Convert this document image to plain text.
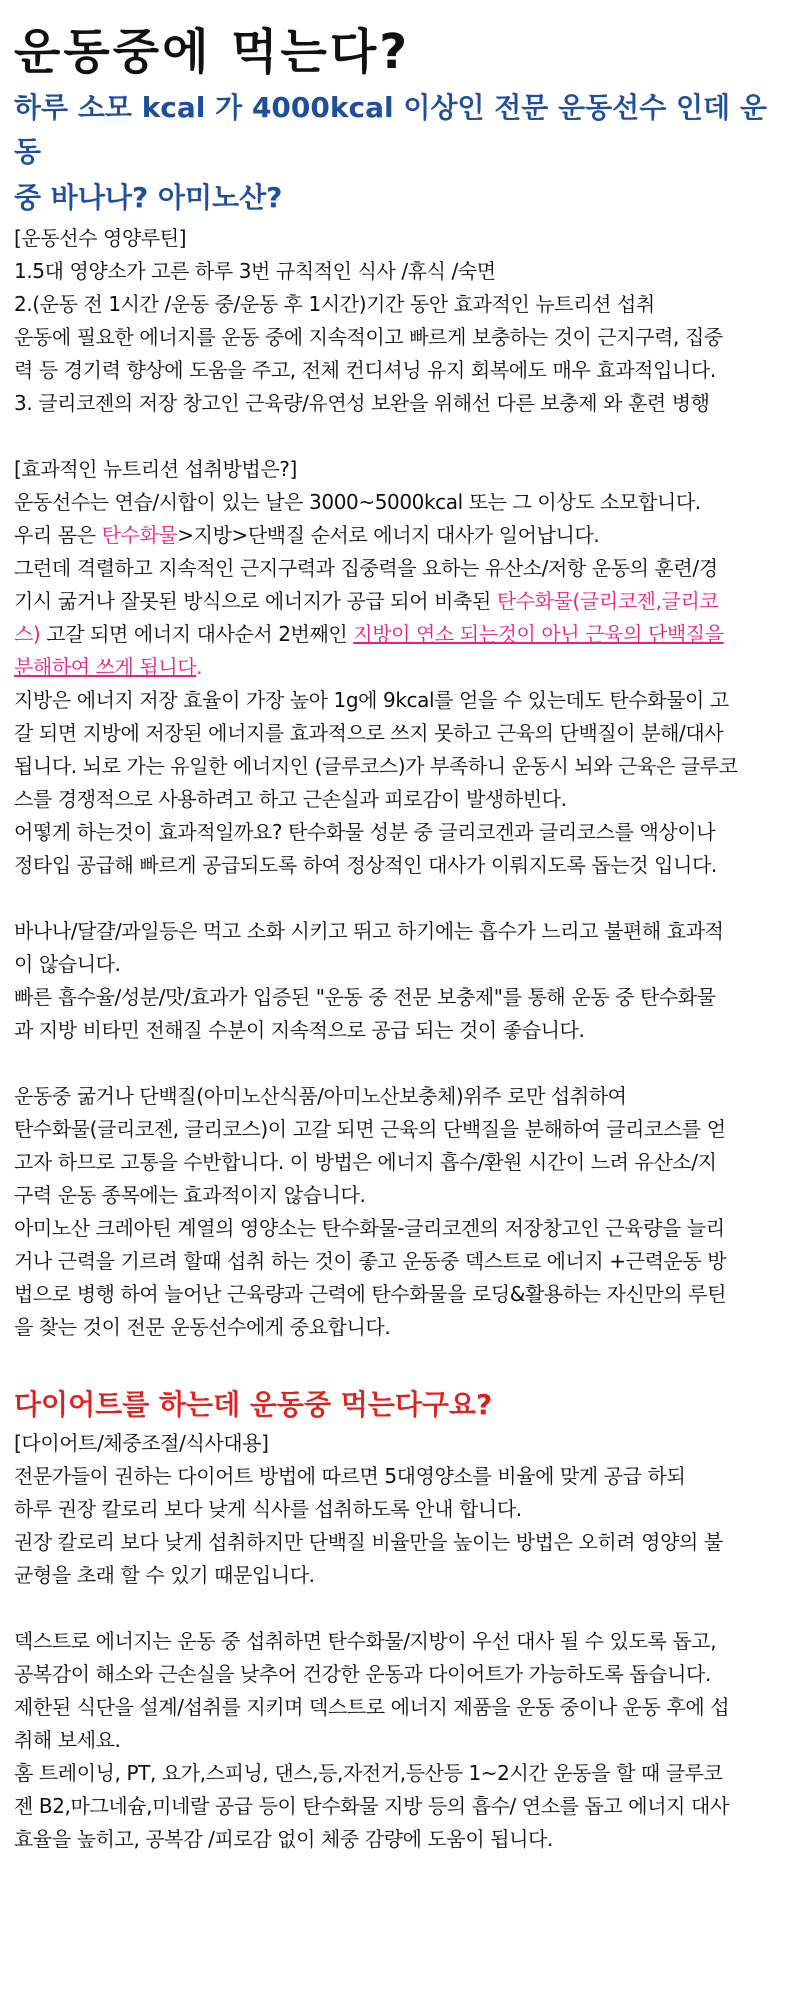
운동중에 먹는다?
하루 소모 kcal 가 4000kcal 이상인 전문 운동선수 인데 운동
중 바나나? 아미노산?
[운동선수 영양루틴]
1.5대 영양소가 고른 하루 3번 규칙적인 식사 /휴식 /숙면
2.(운동 전 1시간 /운동 중/운동 후 1시간)기간 동안 효과적인 뉴트리션 섭취
운동에 필요한 에너지를 운동 중에 지속적이고 빠르게 보충하는 것이 근지구력, 집중
력 등 경기력 향상에 도움을 주고, 전체 컨디셔닝 유지 회복에도 매우 효과적입니다.
3. 글리코젠의 저장 창고인 근육량/유연성 보완을 위해선 다른 보충제 와 훈련 병행
[효과적인 뉴트리션 섭취방법은?]
운동선수는 연습/시합이 있는 날은 3000~5000kcal 또는 그 이상도 소모합니다.
우리 몸은 탄수화물>지방>단백질 순서로 에너지 대사가 일어납니다.
그런데 격렬하고 지속적인 근지구력과 집중력을 요하는 유산소/저항 운동의 훈련/경
기시 굶거나 잘못된 방식으로 에너지가 공급 되어 비축된 탄수화물(글리코젠,글리코
스) 고갈 되면 에너지 대사순서 2번째인 지방이 연소 되는것이 아닌 근육의 단백질을
분해하여 쓰게 됩니다.
지방은 에너지 저장 효율이 가장 높아 1g에 9kcal를 얻을 수 있는데도 탄수화물이 고
갈 되면 지방에 저장된 에너지를 효과적으로 쓰지 못하고 근육의 단백질이 분해/대사
됩니다. 뇌로 가는 유일한 에너지인 (글루코스)가 부족하니 운동시 뇌와 근육은 글루코
스를 경쟁적으로 사용하려고 하고 근손실과 피로감이 발생하빈다.
어떻게 하는것이 효과적일까요? 탄수화물 성분 중 글리코겐과 글리코스를 액상이나
정타입 공급해 빠르게 공급되도록 하여 정상적인 대사가 이뤄지도록 돕는것 입니다.
바나나/달걀/과일등은 먹고 소화 시키고 뛰고 하기에는 흡수가 느리고 불편해 효과적
이 않습니다.
빠른 흡수율/성분/맛/효과가 입증된 "운동 중 전문 보충제"를 통해 운동 중 탄수화물
과 지방 비타민 전해질 수분이 지속적으로 공급 되는 것이 좋습니다.
운동중 굶거나 단백질(아미노산식품/아미노산보충체)위주 로만 섭취하여
탄수화물(글리코젠, 글리코스)이 고갈 되면 근육의 단백질을 분해하여 글리코스를 얻
고자 하므로 고통을 수반합니다. 이 방법은 에너지 흡수/환원 시간이 느려 유산소/지
구력 운동 종목에는 효과적이지 않습니다.
아미노산 크레아틴 계열의 영양소는 탄수화물-글리코겐의 저장창고인 근육량을 늘리
거나 근력을 기르려 할때 섭취 하는 것이 좋고 운동중 덱스트로 에너지 +근력운동 방
법으로 병행 하여 늘어난 근육량과 근력에 탄수화물을 로딩&활용하는 자신만의 루틴
을 찾는 것이 전문 운동선수에게 중요합니다.
다이어트를 하는데 운동중 먹는다구요?
[다이어트/체중조절/식사대용]
전문가들이 권하는 다이어트 방법에 따르면 5대영양소를 비율에 맞게 공급 하되
하루 권장 칼로리 보다 낮게 식사를 섭취하도록 안내 합니다.
권장 칼로리 보다 낮게 섭취하지만 단백질 비율만을 높이는 방법은 오히려 영양의 불
균형을 초래 할 수 있기 때문입니다.
덱스트로 에너지는 운동 중 섭취하면 탄수화물/지방이 우선 대사 될 수 있도록 돕고,
공복감이 해소와 근손실을 낮추어 건강한 운동과 다이어트가 가능하도록 돕습니다.
제한된 식단을 설계/섭취를 지키며 덱스트로 에너지 제품을 운동 중이나 운동 후에 섭
취해 보세요.
홈 트레이닝, PT, 요가,스피닝, 댄스,등,자전거,등산등 1~2시간 운동을 할 때 글루코
젠 B2,마그네슘,미네랄 공급 등이 탄수화물 지방 등의 흡수/ 연소를 돕고 에너지 대사
효율을 높히고, 공복감 /피로감 없이 체중 감량에 도움이 됩니다.
